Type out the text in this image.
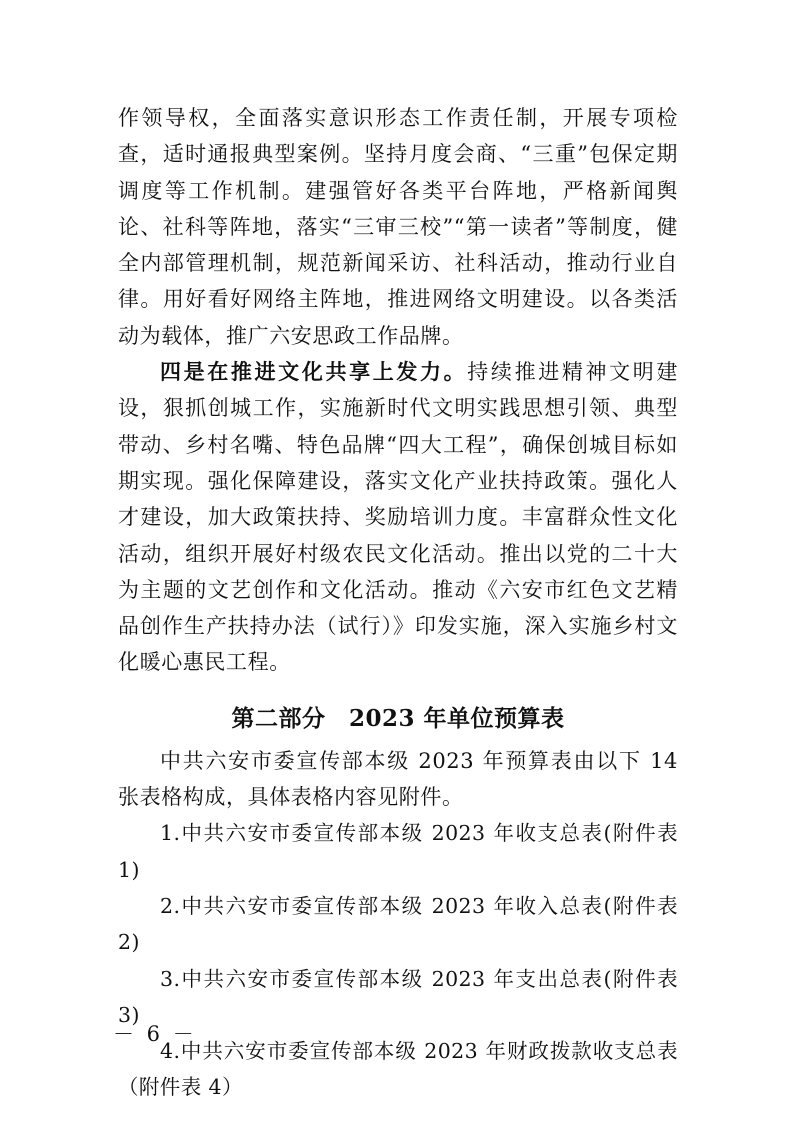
作领导权，全面落实意识形态工作责任制，开展专项检查，适时通报典型案例。坚持月度会商、“三重”包保定期调度等工作机制。建强管好各类平台阵地，严格新闻舆论、社科等阵地，落实“三审三校”“第一读者”等制度，健全内部管理机制，规范新闻采访、社科活动，推动行业自律。用好看好网络主阵地，推进网络文明建设。以各类活动为载体，推广六安思政工作品牌。

四是在推进文化共享上发力。持续推进精神文明建设，狠抓创城工作，实施新时代文明实践思想引领、典型带动、乡村名嘴、特色品牌“四大工程”，确保创城目标如期实现。强化保障建设，落实文化产业扶持政策。强化人才建设，加大政策扶持、奖励培训力度。丰富群众性文化活动，组织开展好村级农民文化活动。推出以党的二十大为主题的文艺创作和文化活动。推动《六安市红色文艺精品创作生产扶持办法（试行）》印发实施，深入实施乡村文化暖心惠民工程。

第二部分　2023 年单位预算表

中共六安市委宣传部本级 2023 年预算表由以下 14 张表格构成，具体表格内容见附件。

1.中共六安市委宣传部本级 2023 年收支总表(附件表 1)

2.中共六安市委宣传部本级 2023 年收入总表(附件表 2)

3.中共六安市委宣传部本级 2023 年支出总表(附件表 3)

4.中共六安市委宣传部本级 2023 年财政拨款收支总表（附件表 4）

－ 6 －
